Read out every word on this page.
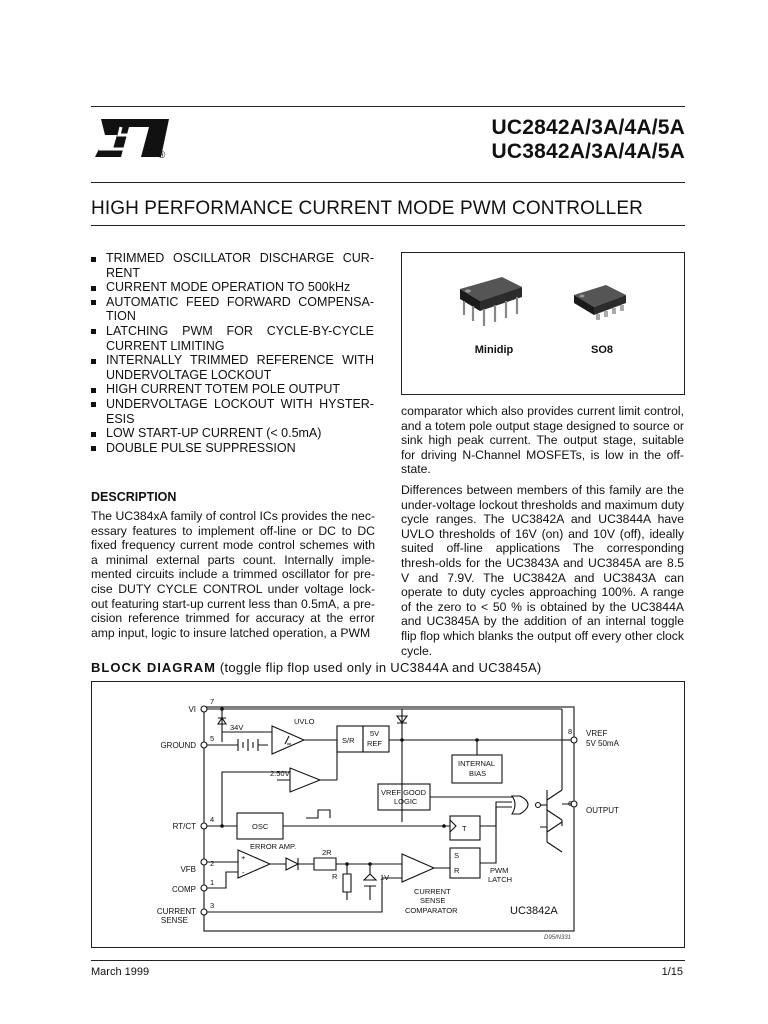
®
UC2842A/3A/4A/5A
UC3842A/3A/4A/5A
HIGH PERFORMANCE CURRENT MODE PWM CONTROLLER
TRIMMED OSCILLATOR DISCHARGE CUR-RENT
CURRENT MODE OPERATION TO 500kHz
AUTOMATIC FEED FORWARD COMPENSA-TION
LATCHING PWM FOR CYCLE-BY-CYCLE CURRENT LIMITING
INTERNALLY TRIMMED REFERENCE WITH UNDERVOLTAGE LOCKOUT
HIGH CURRENT TOTEM POLE OUTPUT
UNDERVOLTAGE LOCKOUT WITH HYSTER-ESIS
LOW START-UP CURRENT (< 0.5mA)
DOUBLE PULSE SUPPRESSION
Minidip	SO8
DESCRIPTION

The UC384xA family of control ICs provides the nec-essary features to implement off-line or DC to DC fixed frequency current mode control schemes with a minimal external parts count. Internally imple-mented circuits include a trimmed oscillator for pre-cise DUTY CYCLE CONTROL under voltage lock-out featuring start-up current less than 0.5mA, a pre-cision reference trimmed for accuracy at the error amp input, logic to insure latched operation, a PWM

comparator which also provides current limit control, and a totem pole output stage designed to source or sink high peak current. The output stage, suitable for driving N-Channel MOSFETs, is low in the off-state.

Differences between members of this family are the under-voltage lockout thresholds and maximum duty cycle ranges. The UC3842A and UC3844A have UVLO thresholds of 16V (on) and 10V (off), ideally suited off-line applications The corresponding thresh-olds for the UC3843A and UC3845A are 8.5 V and 7.9V. The UC3842A and UC3843A can operate to duty cycles approaching 100%. A range of the zero to < 50 % is obtained by the UC3844A and UC3845A by the addition of an internal toggle flip flop which blanks the output off every other clock cycle.

BLOCK DIAGRAM (toggle flip flop used only in UC3844A and UC3845A)
VI
GROUND
RT/CT
VFB
COMP
CURRENT
SENSE
VREF
5V 50mA
OUTPUT
7
5
4
2
1
3
8
6
34V
UVLO
S/R
5V
REF
2.50V
INTERNAL
BIAS
VREF GOOD
LOGIC
OSC	T
ERROR AMP.
2R
R	1V
S
R	PWM
LATCH
CURRENT
SENSE
COMPARATOR
+
-
UC3842A
D95IN331
March 1999	1/15
